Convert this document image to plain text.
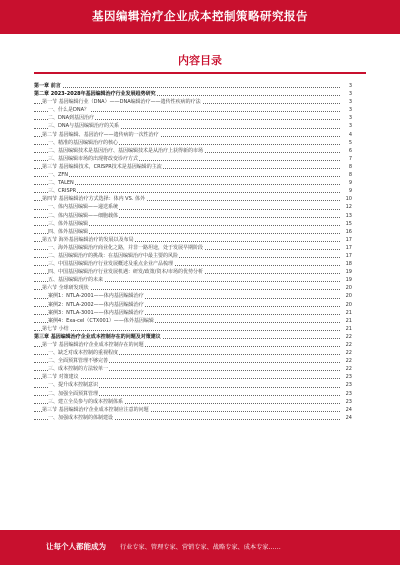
基因编辑治疗企业成本控制策略研究报告
内容目录
第一章 前言	3
第二章 2023-2028年基因编辑治疗行业发展趋势研究	3
第一节 基因编辑行业（DNA）——DNA编辑治疗——遗传性疾病的疗法	3
一、什么是DNA？	3
二、DNA到基因治疗	3
三、DNA与基因编辑治疗的关系	3
第二节 基因编辑、基因治疗——遗传病的一次性治疗	4
一、精准的基因编辑治疗的核心	5
二、基因编辑技术是基因治疗、基因编辑技术是从治疗上获得新的市场	6
三、基因编辑市场的出现将改变诊疗方式	7
第三节 基因编辑技术，CRISPR技术是基因编辑的主流	8
一、ZFN	8
二、TALEN	9
三、CRISPR	9
第四节 基因编辑治疗方式选择：体内 VS. 体外	10
一、体内基因编辑——递送系统	12
二、体内基因编辑——细胞载体	13
三、体外基因编辑	15
四、体外基因编辑	16
第五节 海外基因编辑治疗的发展以及布局	17
一、海外基因编辑治疗商业化之路，并非一路坦途，处于发展早期阶段	17
二、基因编辑治疗的挑战：在基因编辑治疗中最主要的风险	17
三、中国基因编辑治疗行业发展概述及重点企业产品梳理	18
四、中国基因编辑治疗行业发展机遇：研发/政策/资本/市场的优势分析	19
五、基因编辑治疗的未来	19
第六节 全球研发现状	20
案例1：NTLA-2001——体内基因编辑治疗	20
案例2：NTLA-2002——体内基因编辑治疗	20
案例3：NTLA-3001——体内基因编辑治疗	21
案例4：Exa-cel（CTX001）——体外基因编辑	21
第七节 小结	21
第三章 基因编辑治疗企业成本控制存在的问题及对策建议	22
第一节 基因编辑治疗企业成本控制存在的问题	22
一、缺乏对成本控制的重视程度	22
二、全面预算管理不够完善	22
三、成本控制的方法较单一	22
第二节 对策建议	23
一、提升成本控制意识	23
二、加强全面预算管理	23
三、建立全员参与的成本控制体系	23
第三节 基因编辑治疗企业成本控制应注意的问题	24
一、加强成本控制的体制建设	24
让每个人都能成为 行业专家、管理专家、营销专家、战略专家、成本专家……
